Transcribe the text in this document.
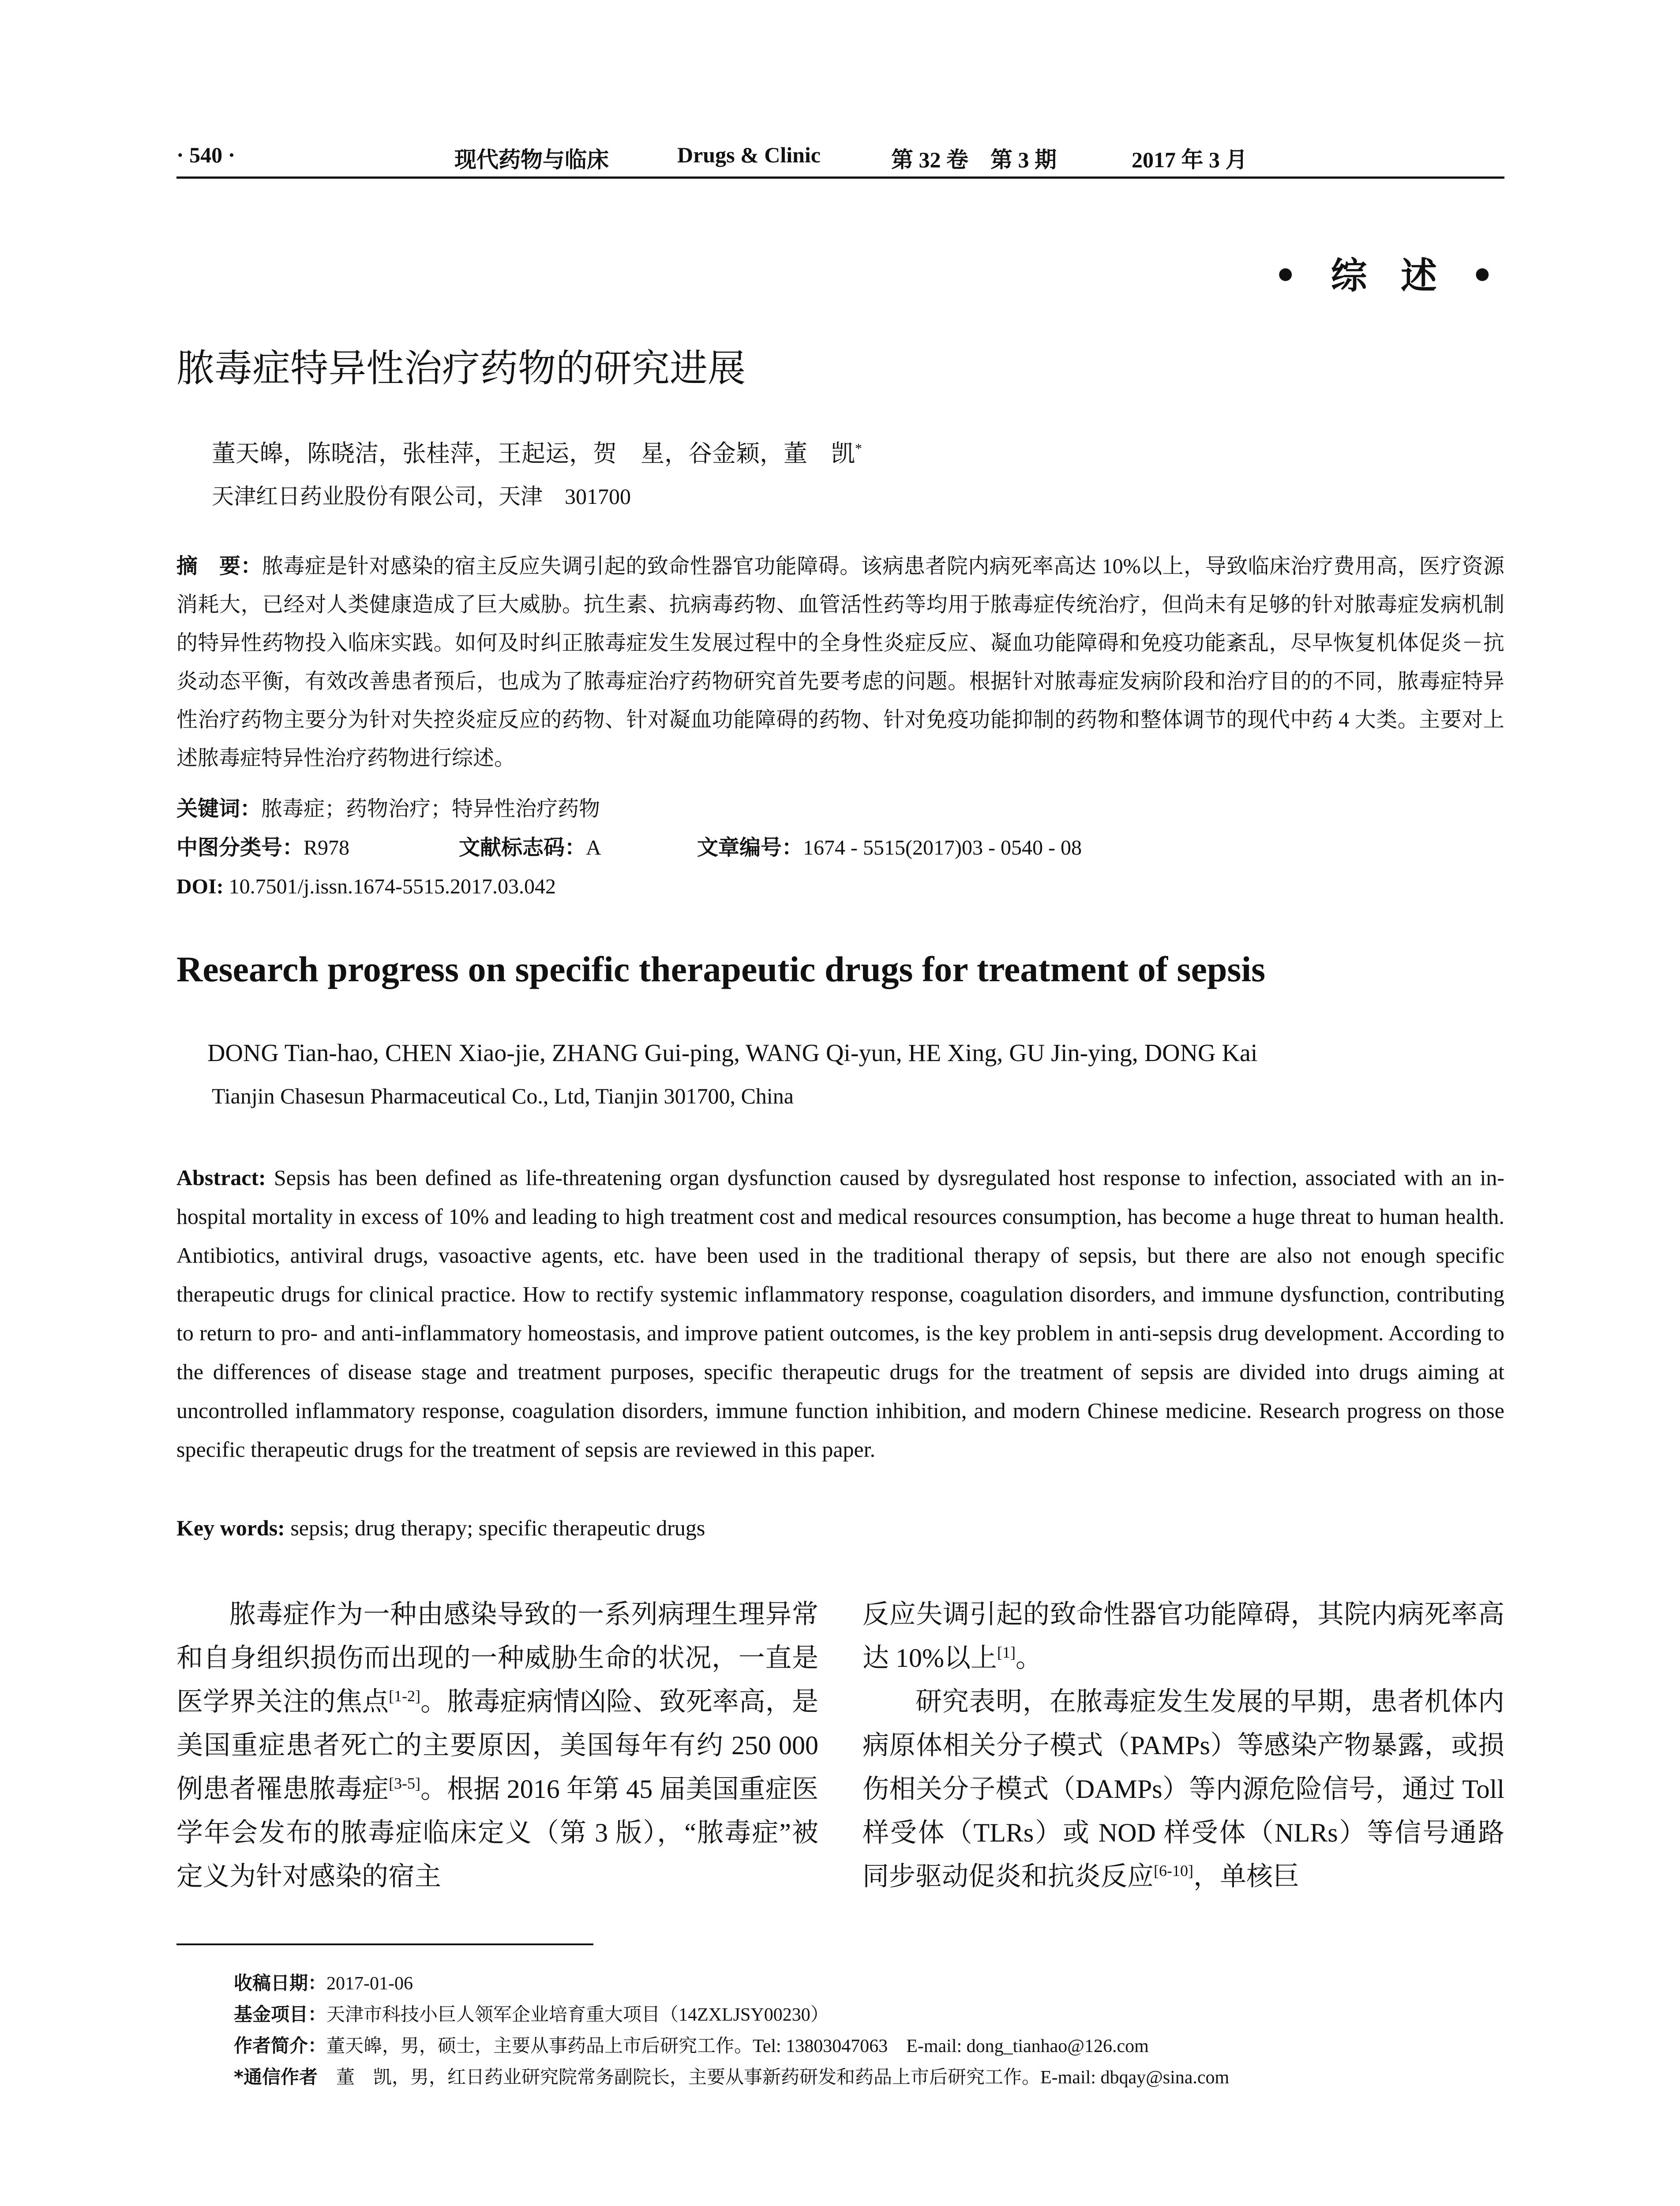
· 540 ·	现代药物与临床	Drugs & Clinic	第 32 卷　第 3 期	2017 年 3 月
• 综 述 •
脓毒症特异性治疗药物的研究进展
董天皞，陈晓洁，张桂萍，王起运，贺　星，谷金颖，董　凯*
天津红日药业股份有限公司，天津　301700
摘　要：脓毒症是针对感染的宿主反应失调引起的致命性器官功能障碍。该病患者院内病死率高达 10%以上，导致临床治疗费用高，医疗资源消耗大，已经对人类健康造成了巨大威胁。抗生素、抗病毒药物、血管活性药等均用于脓毒症传统治疗，但尚未有足够的针对脓毒症发病机制的特异性药物投入临床实践。如何及时纠正脓毒症发生发展过程中的全身性炎症反应、凝血功能障碍和免疫功能紊乱，尽早恢复机体促炎－抗炎动态平衡，有效改善患者预后，也成为了脓毒症治疗药物研究首先要考虑的问题。根据针对脓毒症发病阶段和治疗目的的不同，脓毒症特异性治疗药物主要分为针对失控炎症反应的药物、针对凝血功能障碍的药物、针对免疫功能抑制的药物和整体调节的现代中药 4 大类。主要对上述脓毒症特异性治疗药物进行综述。
关键词：脓毒症；药物治疗；特异性治疗药物
中图分类号： R978	文献标志码： A	文章编号： 1674 - 5515(2017)03 - 0540 - 08
DOI: 10.7501/j.issn.1674-5515.2017.03.042
Research progress on specific therapeutic drugs for treatment of sepsis
DONG Tian-hao, CHEN Xiao-jie, ZHANG Gui-ping, WANG Qi-yun, HE Xing, GU Jin-ying, DONG Kai
Tianjin Chasesun Pharmaceutical Co., Ltd, Tianjin 301700, China
Abstract: Sepsis has been defined as life-threatening organ dysfunction caused by dysregulated host response to infection, associated with an in-hospital mortality in excess of 10% and leading to high treatment cost and medical resources consumption, has become a huge threat to human health. Antibiotics, antiviral drugs, vasoactive agents, etc. have been used in the traditional therapy of sepsis, but there are also not enough specific therapeutic drugs for clinical practice. How to rectify systemic inflammatory response, coagulation disorders, and immune dysfunction, contributing to return to pro- and anti-inflammatory homeostasis, and improve patient outcomes, is the key problem in anti-sepsis drug development. According to the differences of disease stage and treatment purposes, specific therapeutic drugs for the treatment of sepsis are divided into drugs aiming at uncontrolled inflammatory response, coagulation disorders, immune function inhibition, and modern Chinese medicine. Research progress on those specific therapeutic drugs for the treatment of sepsis are reviewed in this paper.
Key words: sepsis; drug therapy; specific therapeutic drugs

脓毒症作为一种由感染导致的一系列病理生理异常和自身组织损伤而出现的一种威胁生命的状况，一直是医学界关注的焦点[1-2]。脓毒症病情凶险、致死率高，是美国重症患者死亡的主要原因，美国每年有约 250 000 例患者罹患脓毒症[3-5]。根据 2016 年第 45 届美国重症医学年会发布的脓毒症临床定义（第 3 版），“脓毒症”被定义为针对感染的宿主

反应失调引起的致命性器官功能障碍，其院内病死率高达 10%以上[1]。

研究表明，在脓毒症发生发展的早期，患者机体内病原体相关分子模式（PAMPs）等感染产物暴露，或损伤相关分子模式（DAMPs）等内源危险信号，通过 Toll 样受体（TLRs）或 NOD 样受体（NLRs）等信号通路同步驱动促炎和抗炎反应[6-10]，单核巨

收稿日期：2017-01-06
基金项目：天津市科技小巨人领军企业培育重大项目（14ZXLJSY00230）
作者简介：董天皞，男，硕士，主要从事药品上市后研究工作。Tel: 13803047063　E-mail: dong_tianhao@126.com
*通信作者　 董　凯，男，红日药业研究院常务副院长，主要从事新药研发和药品上市后研究工作。E-mail: dbqay@sina.com
